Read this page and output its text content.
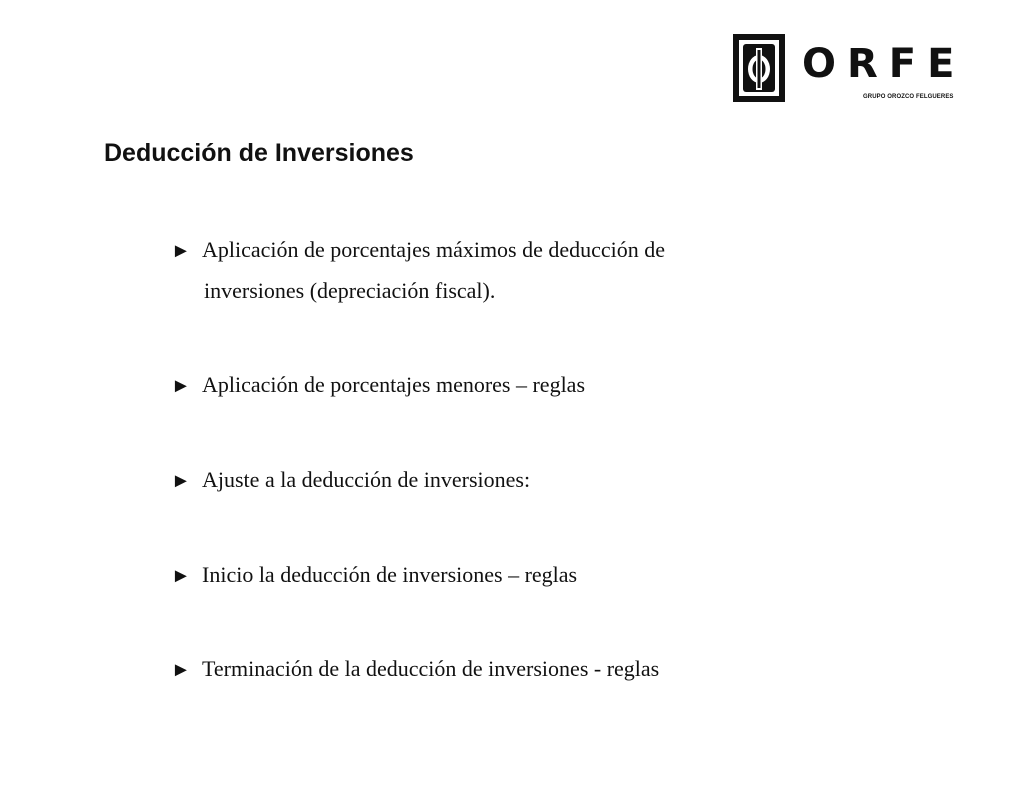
ORFE
GRUPO OROZCO FELGUERES
Deducción de Inversiones
► Aplicación de porcentajes máximos de deducción de
inversiones (depreciación fiscal).
► Aplicación de porcentajes menores – reglas
► Ajuste a la deducción de inversiones:
► Inicio la deducción de inversiones – reglas
► Terminación de la deducción de inversiones - reglas
